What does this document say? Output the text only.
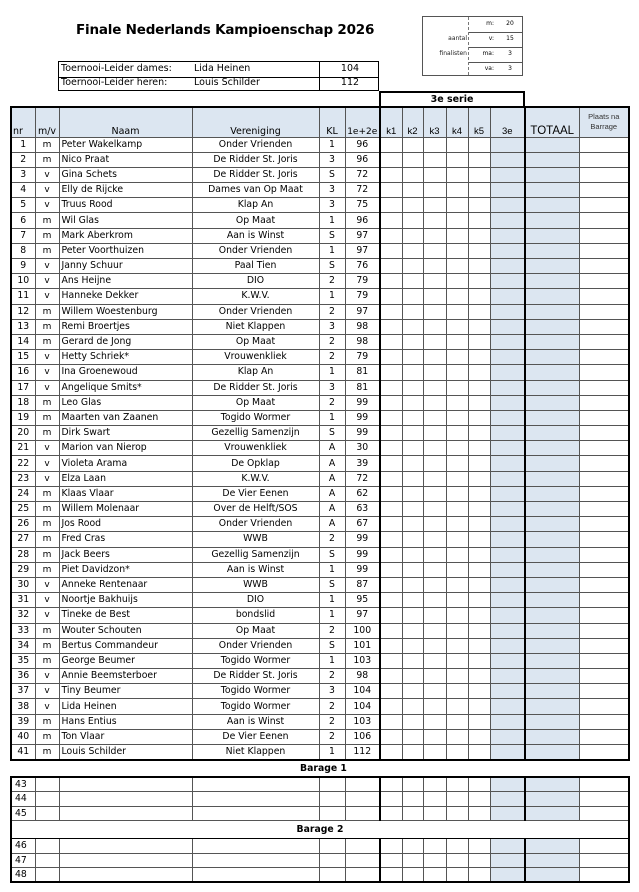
Finale Nederlands Kampioenschap 2026
Toernooi-Leider dames: Lida Heinen	104
Toernooi-Leider heren:	Louis Schilder	112
aantal
finalisten
m:	20
v:	15
ma:	3
va:	3
3e serie
nr	m/v	Naam	Vereniging	KL	1e+2e	k1	k2	k3	k4	k5	3e	TOTAAL	Plaats na
Barrage

1	m	Peter Wakelkamp	Onder Vrienden	1	96								
2	m	Nico Praat	De Ridder St. Joris	3	96								
3	v	Gina Schets	De Ridder St. Joris	S	72								
4	v	Elly de Rijcke	Dames van Op Maat	3	72								
5	v	Truus Rood	Klap An	3	75								
6	m	Wil Glas	Op Maat	1	96								
7	m	Mark Aberkrom	Aan is Winst	S	97								
8	m	Peter Voorthuizen	Onder Vrienden	1	97								
9	v	Janny Schuur	Paal Tien	S	76								
10	v	Ans Heijne	DIO	2	79								
11	v	Hanneke Dekker	K.W.V.	1	79								
12	m	Willem Woestenburg	Onder Vrienden	2	97								
13	m	Remi Broertjes	Niet Klappen	3	98								
14	m	Gerard de Jong	Op Maat	2	98								
15	v	Hetty Schriek*	Vrouwenkliek	2	79								
16	v	Ina Groenewoud	Klap An	1	81								
17	v	Angelique Smits*	De Ridder St. Joris	3	81								
18	m	Leo Glas	Op Maat	2	99								
19	m	Maarten van Zaanen	Togido Wormer	1	99								
20	m	Dirk Swart	Gezellig Samenzijn	S	99								
21	v	Marion van Nierop	Vrouwenkliek	A	30								
22	v	Violeta Arama	De Opklap	A	39								
23	v	Elza Laan	K.W.V.	A	72								
24	m	Klaas Vlaar	De Vier Eenen	A	62								
25	m	Willem Molenaar	Over de Helft/SOS	A	63								
26	m	Jos Rood	Onder Vrienden	A	67								
27	m	Fred Cras	WWB	2	99								
28	m	Jack Beers	Gezellig Samenzijn	S	99								
29	m	Piet Davidzon*	Aan is Winst	1	99								
30	v	Anneke Rentenaar	WWB	S	87								
31	v	Noortje Bakhuijs	DIO	1	95								
32	v	Tineke de Best	bondslid	1	97								
33	m	Wouter Schouten	Op Maat	2	100								
34	m	Bertus Commandeur	Onder Vrienden	S	101								
35	m	George Beumer	Togido Wormer	1	103								
36	v	Annie Beemsterboer	De Ridder St. Joris	2	98								
37	v	Tiny Beumer	Togido Wormer	3	104								
38	v	Lida Heinen	Togido Wormer	2	104								
39	m	Hans Entius	Aan is Winst	2	103								
40	m	Ton Vlaar	De Vier Eenen	2	106								
41	m	Louis Schilder	Niet Klappen	1	112								
Barage 1
43													
44													
45													
Barage 2													
46													
47													
48													
